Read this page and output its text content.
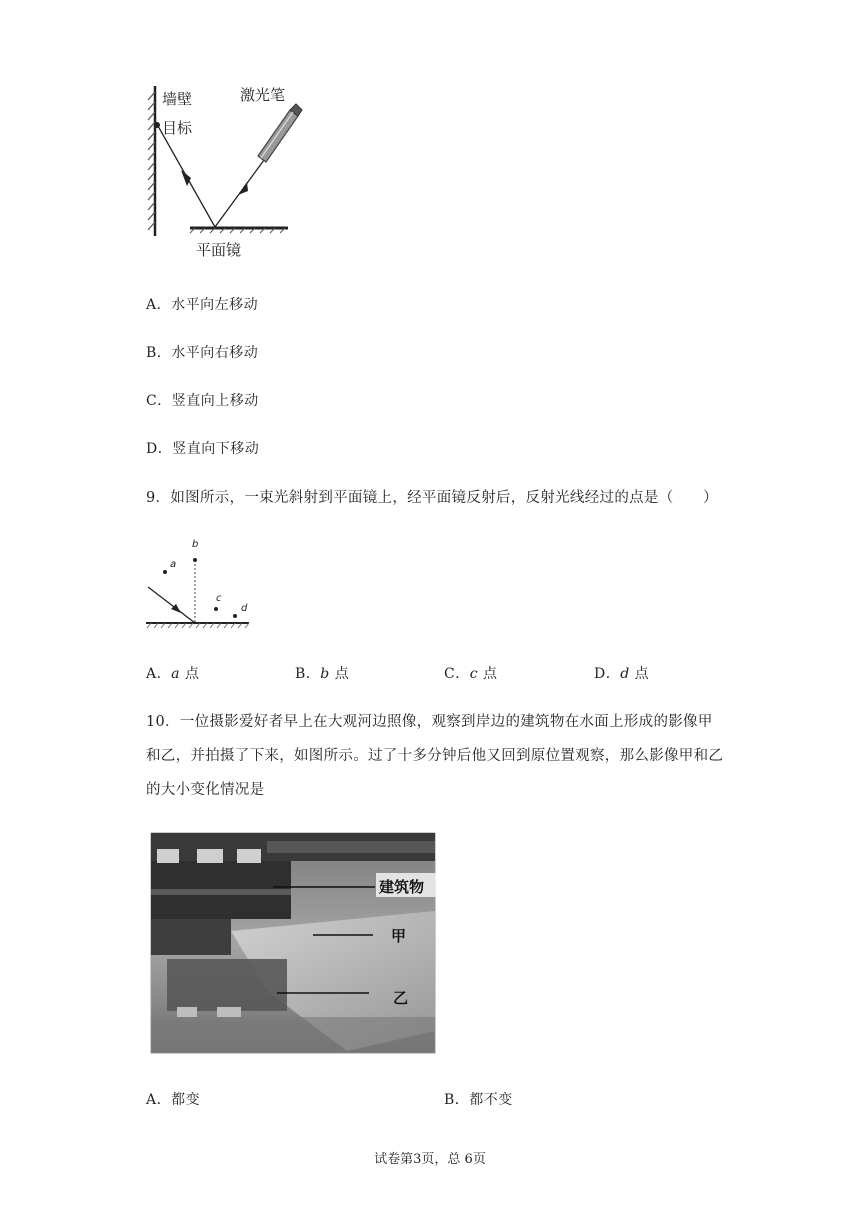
墙壁
目标
激光笔
平面镜
A．水平向左移动
B．水平向右移动
C．竖直向上移动
D．竖直向下移动
9．如图所示，一束光斜射到平面镜上，经平面镜反射后，反射光线经过的点是（　　）
a
b
c
d
A．a 点	B．b 点	C．c 点	D．d 点
10．一位摄影爱好者早上在大观河边照像，观察到岸边的建筑物在水面上形成的影像甲和乙，并拍摄了下来，如图所示。过了十多分钟后他又回到原位置观察，那么影像甲和乙的大小变化情况是
建筑物
甲
乙
A．都变	B．都不变
试卷第3页，总 6页
